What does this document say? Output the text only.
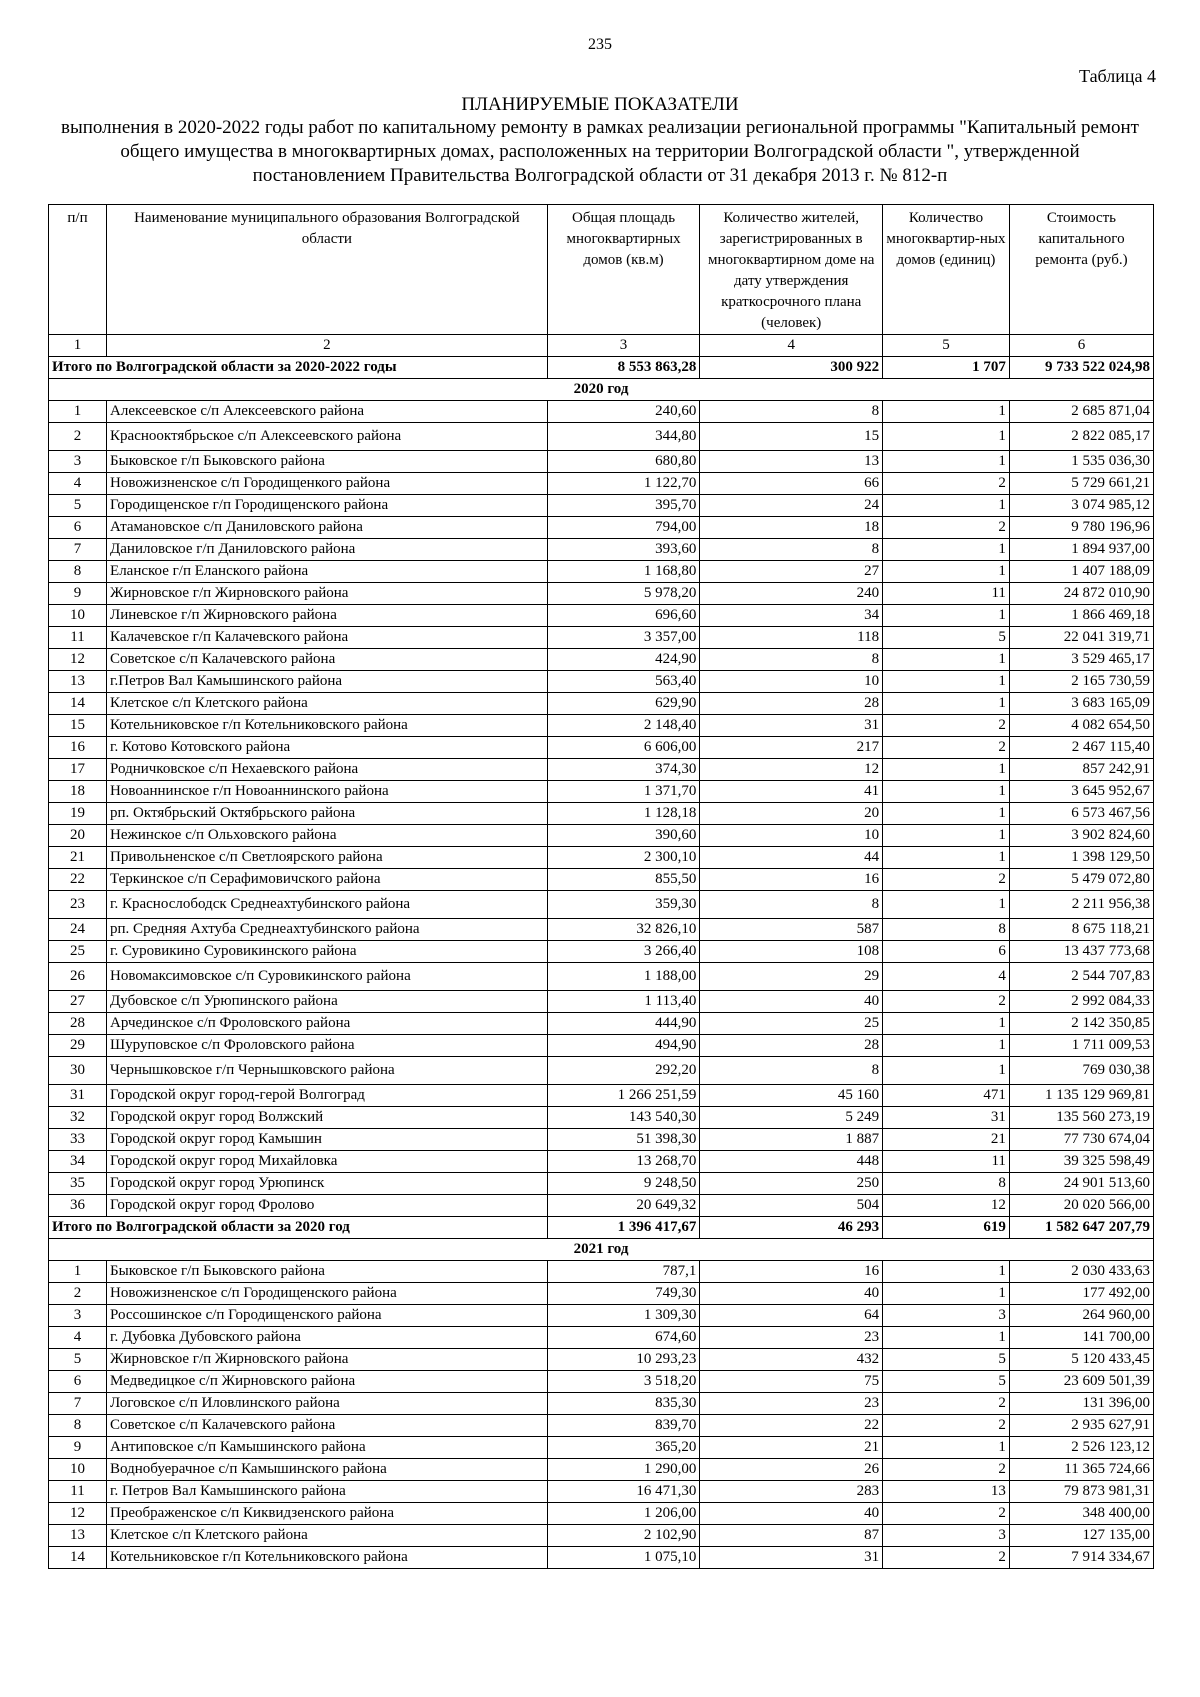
235
Таблица 4
ПЛАНИРУЕМЫЕ ПОКАЗАТЕЛИ
выполнения в 2020-2022 годы работ по капитальному ремонту в рамках реализации региональной программы "Капитальный ремонт общего имущества в многоквартирных домах, расположенных на территории Волгоградской области ", утвержденной постановлением Правительства Волгоградской области от 31 декабря 2013 г. № 812-п
п/п	Наименование муниципального образования Волгоградской области	Общая площадь многоквартирных домов (кв.м)	Количество жителей, зарегистрированных в многоквартирном доме на дату утверждения краткосрочного плана (человек)	Количество многоквартир-ных домов (единиц)	Стоимость капитального ремонта (руб.)
1	2	3	4	5	6
Итого по Волгоградской области за 2020-2022 годы		8 553 863,28	300 922	1 707	9 733 522 024,98
2020 год					
1	Алексеевское с/п Алексеевского района	240,60	8	1	2 685 871,04
2	Краснооктябрьское с/п Алексеевского района	344,80	15	1	2 822 085,17
3	Быковское г/п Быковского района	680,80	13	1	1 535 036,30
4	Новожизненское с/п Городищенкого района	1 122,70	66	2	5 729 661,21
5	Городищенское г/п Городищенского района	395,70	24	1	3 074 985,12
6	Атамановское с/п Даниловского района	794,00	18	2	9 780 196,96
7	Даниловское г/п Даниловского района	393,60	8	1	1 894 937,00
8	Еланское г/п Еланского района	1 168,80	27	1	1 407 188,09
9	Жирновское г/п Жирновского района	5 978,20	240	11	24 872 010,90
10	Линевское г/п Жирновского района	696,60	34	1	1 866 469,18
11	Калачевское г/п Калачевского района	3 357,00	118	5	22 041 319,71
12	Советское с/п Калачевского района	424,90	8	1	3 529 465,17
13	г.Петров Вал Камышинского района	563,40	10	1	2 165 730,59
14	Клетское с/п Клетского района	629,90	28	1	3 683 165,09
15	Котельниковское г/п Котельниковского района	2 148,40	31	2	4 082 654,50
16	г. Котово Котовского района	6 606,00	217	2	2 467 115,40
17	Родничковское с/п Нехаевского района	374,30	12	1	857 242,91
18	Новоаннинское г/п Новоаннинского района	1 371,70	41	1	3 645 952,67
19	рп. Октябрьский Октябрьского района	1 128,18	20	1	6 573 467,56
20	Нежинское с/п Ольховского района	390,60	10	1	3 902 824,60
21	Привольненское с/п Светлоярского района	2 300,10	44	1	1 398 129,50
22	Теркинское с/п Серафимовичского района	855,50	16	2	5 479 072,80
23	г. Краснослободск Среднеахтубинского района	359,30	8	1	2 211 956,38
24	рп. Средняя Ахтуба Среднеахтубинского района	32 826,10	587	8	8 675 118,21
25	г. Суровикино Суровикинского района	3 266,40	108	6	13 437 773,68
26	Новомаксимовское с/п Суровикинского района	1 188,00	29	4	2 544 707,83
27	Дубовское с/п Урюпинского района	1 113,40	40	2	2 992 084,33
28	Арчединское с/п Фроловского района	444,90	25	1	2 142 350,85
29	Шуруповское с/п Фроловского района	494,90	28	1	1 711 009,53
30	Чернышковское г/п Чернышковского района	292,20	8	1	769 030,38
31	Городской округ город-герой Волгоград	1 266 251,59	45 160	471	1 135 129 969,81
32	Городской округ город Волжский	143 540,30	5 249	31	135 560 273,19
33	Городской округ город Камышин	51 398,30	1 887	21	77 730 674,04
34	Городской округ город Михайловка	13 268,70	448	11	39 325 598,49
35	Городской округ город Урюпинск	9 248,50	250	8	24 901 513,60
36	Городской округ город Фролово	20 649,32	504	12	20 020 566,00
Итого по Волгоградской области за 2020 год		1 396 417,67	46 293	619	1 582 647 207,79
2021 год					
1	Быковское г/п Быковского района	787,1	16	1	2 030 433,63
2	Новожизненское с/п Городищенского района	749,30	40	1	177 492,00
3	Россошинское с/п Городищенского района	1 309,30	64	3	264 960,00
4	г. Дубовка Дубовского района	674,60	23	1	141 700,00
5	Жирновское г/п Жирновского района	10 293,23	432	5	5 120 433,45
6	Медведицкое с/п Жирновского района	3 518,20	75	5	23 609 501,39
7	Логовское с/п Иловлинского района	835,30	23	2	131 396,00
8	Советское с/п Калачевского района	839,70	22	2	2 935 627,91
9	Антиповское с/п Камышинского района	365,20	21	1	2 526 123,12
10	Воднобуерачное с/п Камышинского района	1 290,00	26	2	11 365 724,66
11	г. Петров Вал Камышинского района	16 471,30	283	13	79 873 981,31
12	Преображенское с/п Киквидзенского района	1 206,00	40	2	348 400,00
13	Клетское с/п Клетского района	2 102,90	87	3	127 135,00
14	Котельниковское г/п Котельниковского района	1 075,10	31	2	7 914 334,67
